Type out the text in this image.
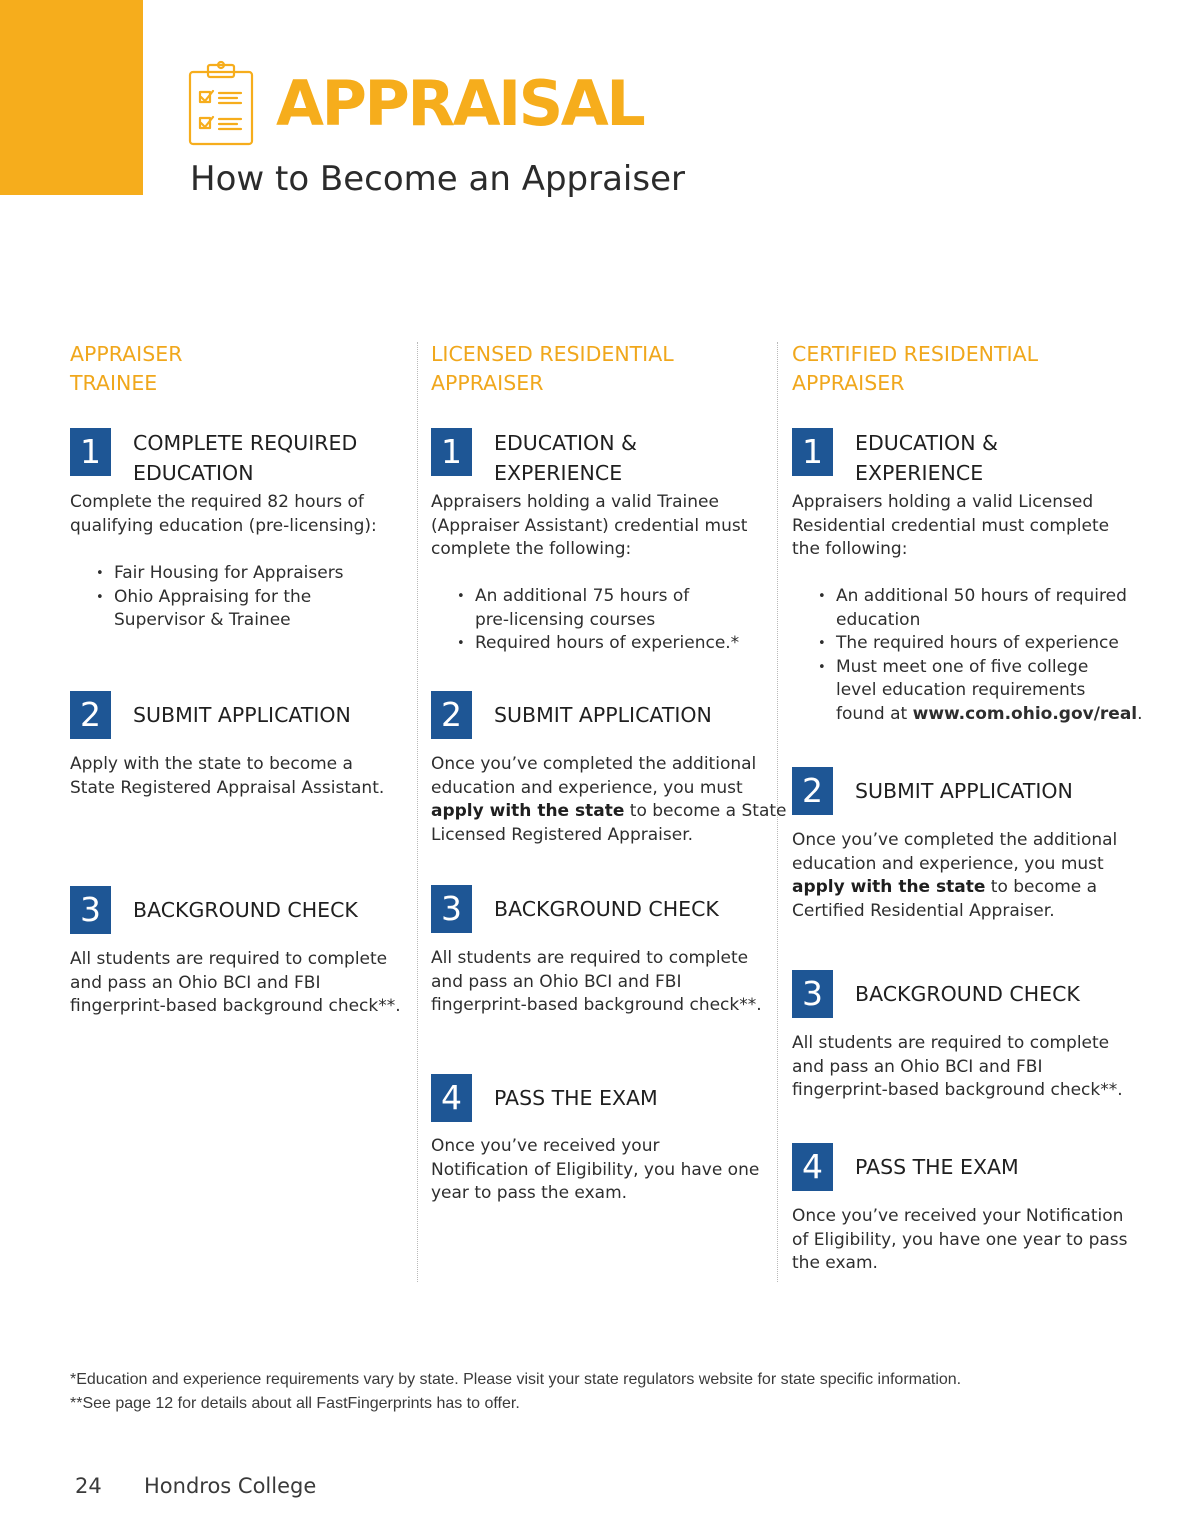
APPRAISAL
How to Become an Appraiser
APPRAISER
TRAINEE
1	COMPLETE REQUIRED
EDUCATION

Complete the required 82 hours of
qualifying education (pre-licensing):

• Fair Housing for Appraisers
• Ohio Appraising for the
Supervisor & Trainee
2	SUBMIT APPLICATION

Apply with the state to become a
State Registered Appraisal Assistant.

3	BACKGROUND CHECK

All students are required to complete
and pass an Ohio BCI and FBI
fingerprint-based background check**.

LICENSED RESIDENTIAL
APPRAISER
1	EDUCATION &
EXPERIENCE

Appraisers holding a valid Trainee
(Appraiser Assistant) credential must
complete the following:

• An additional 75 hours of
pre-licensing courses
• Required hours of experience.*
2	SUBMIT APPLICATION

Once you’ve completed the additional
education and experience, you must
apply with the state to become a State
Licensed Registered Appraiser.

3	BACKGROUND CHECK

All students are required to complete
and pass an Ohio BCI and FBI
fingerprint-based background check**.

4	PASS THE EXAM

Once you’ve received your
Notification of Eligibility, you have one
year to pass the exam.

CERTIFIED RESIDENTIAL
APPRAISER
1	EDUCATION &
EXPERIENCE

Appraisers holding a valid Licensed
Residential credential must complete
the following:

• An additional 50 hours of required
education
• The required hours of experience
• Must meet one of five college
level education requirements
found at www.com.ohio.gov/real.
2	SUBMIT APPLICATION

Once you’ve completed the additional
education and experience, you must
apply with the state to become a
Certified Residential Appraiser.

3	BACKGROUND CHECK

All students are required to complete
and pass an Ohio BCI and FBI
fingerprint-based background check**.

4	PASS THE EXAM

Once you’ve received your Notification
of Eligibility, you have one year to pass
the exam.

*Education and experience requirements vary by state. Please visit your state regulators website for state specific information.
**See page 12 for details about all FastFingerprints has to offer.

24 Hondros College
